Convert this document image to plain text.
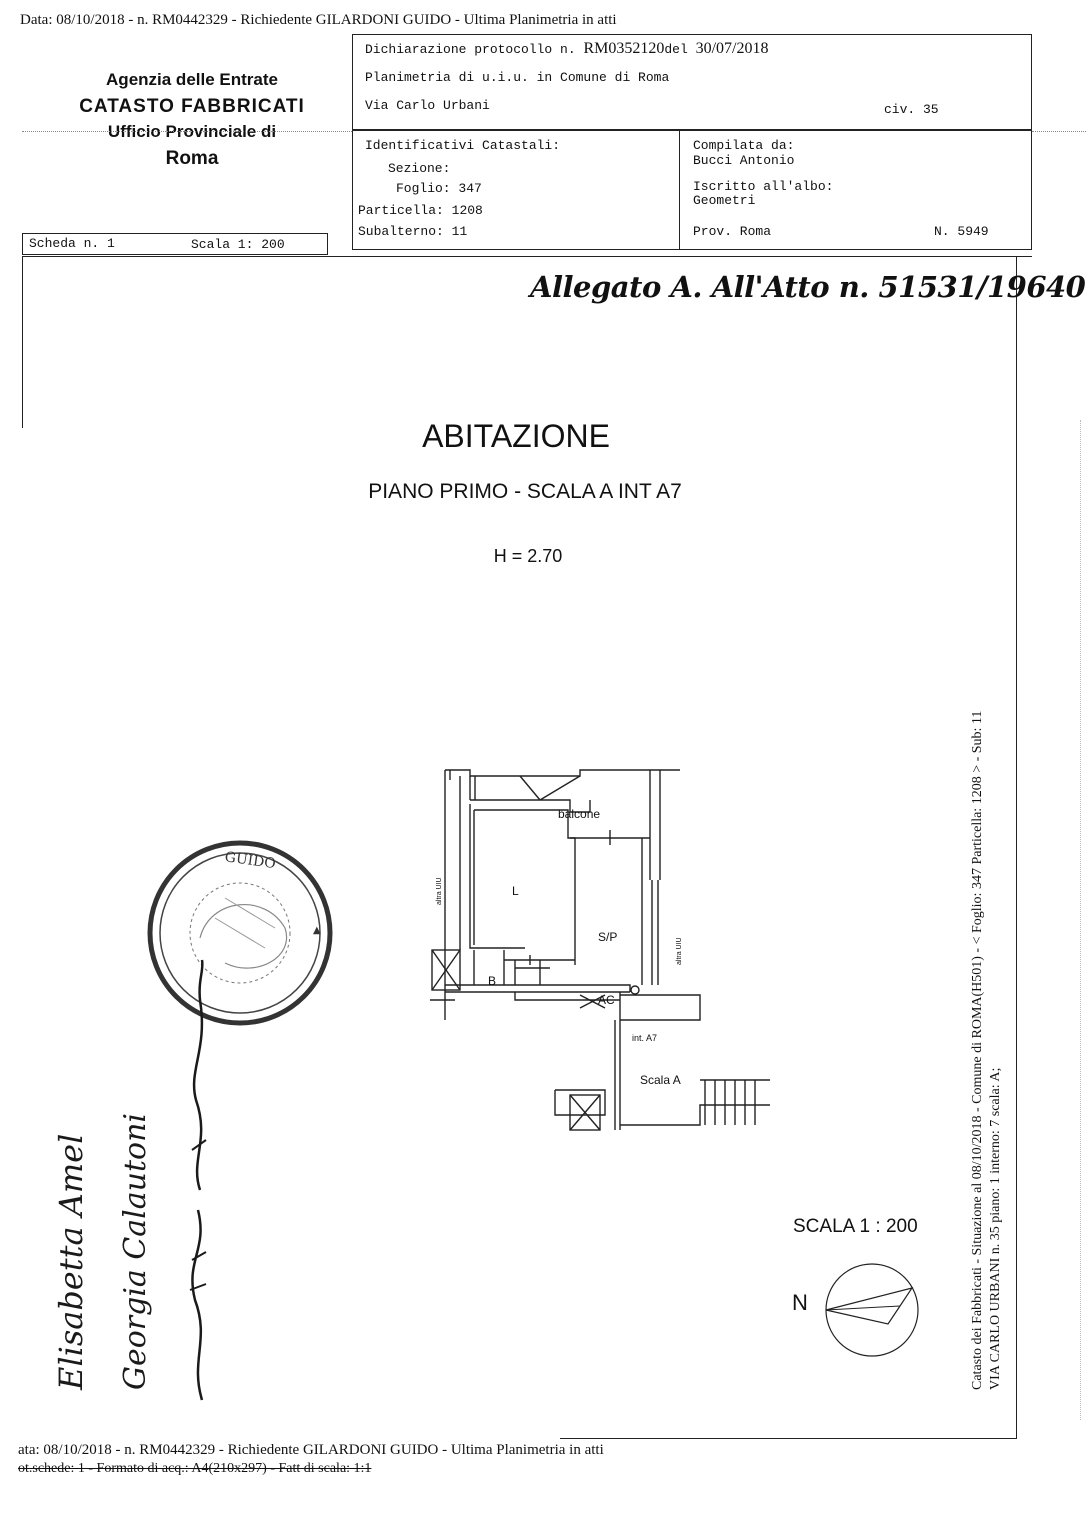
Data: 08/10/2018 - n. RM0442329 - Richiedente GILARDONI GUIDO - Ultima Planimetria in atti
Agenzia delle Entrate
CATASTO FABBRICATI
Ufficio Provinciale di
Roma
Dichiarazione protocollo n. RM0352120del 30/07/2018
Planimetria di u.i.u. in Comune di Roma
Via Carlo Urbani	civ. 35
Identificativi Catastali:
Sezione:
Foglio: 347
Particella: 1208
Subalterno: 11
Compilata da:
Bucci Antonio
Iscritto all'albo:
Geometri
Prov. Roma	N. 5949
Scheda n. 1	Scala 1: 200
Allegato A. All'Atto n. 51531/19640
ABITAZIONE
PIANO PRIMO - SCALA A INT A7
H = 2.70
balcone
L
S/P
B
AC
int. A7
Scala A
altra UIU
altra UIU
SCALA 1 : 200
N	Catasto dei Fabbricati - Situazione al 08/10/2018 - Comune di ROMA(H501) - < Foglio: 347 Particella: 1208 > - Sub: 11 VIA CARLO URBANI n. 35 piano: 1 interno: 7 scala: A;
GUIDO
▲
Elisabetta Amel Georgia Calautoni
ata: 08/10/2018 - n. RM0442329 - Richiedente GILARDONI GUIDO - Ultima Planimetria in atti
ot.schede: 1 - Formato di acq.: A4(210x297) - Fatt di scala: 1:1
